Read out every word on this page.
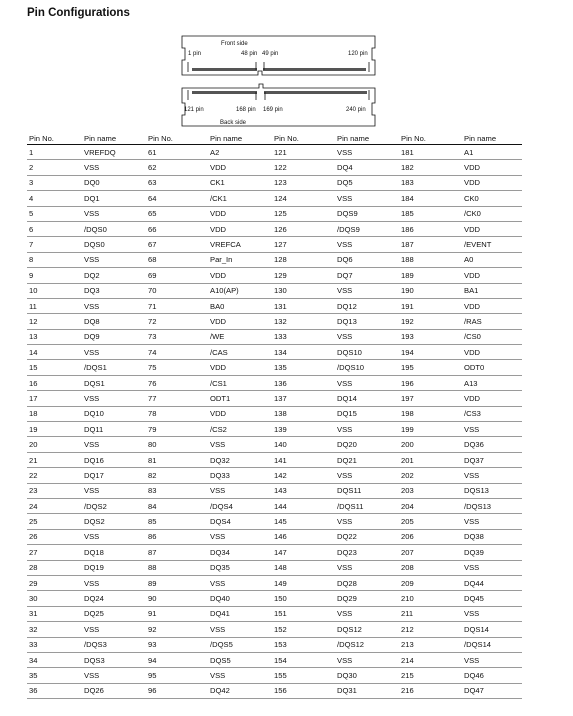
Pin Configurations
Front side
1 pin	48 pin 49 pin	120 pin
121 pin	168 pin 169 pin	240 pin
Back side
Pin No.	Pin name	Pin No.	Pin name	Pin No.	Pin name	Pin No.	Pin name
1	VREFDQ	61	A2	121	VSS	181	A1
2	VSS	62	VDD	122	DQ4	182	VDD
3	DQ0	63	CK1	123	DQ5	183	VDD
4	DQ1	64	/CK1	124	VSS	184	CK0
5	VSS	65	VDD	125	DQS9	185	/CK0
6	/DQS0	66	VDD	126	/DQS9	186	VDD
7	DQS0	67	VREFCA	127	VSS	187	/EVENT
8	VSS	68	Par_In	128	DQ6	188	A0
9	DQ2	69	VDD	129	DQ7	189	VDD
10	DQ3	70	A10(AP)	130	VSS	190	BA1
11	VSS	71	BA0	131	DQ12	191	VDD
12	DQ8	72	VDD	132	DQ13	192	/RAS
13	DQ9	73	/WE	133	VSS	193	/CS0
14	VSS	74	/CAS	134	DQS10	194	VDD
15	/DQS1	75	VDD	135	/DQS10	195	ODT0
16	DQS1	76	/CS1	136	VSS	196	A13
17	VSS	77	ODT1	137	DQ14	197	VDD
18	DQ10	78	VDD	138	DQ15	198	/CS3
19	DQ11	79	/CS2	139	VSS	199	VSS
20	VSS	80	VSS	140	DQ20	200	DQ36
21	DQ16	81	DQ32	141	DQ21	201	DQ37
22	DQ17	82	DQ33	142	VSS	202	VSS
23	VSS	83	VSS	143	DQS11	203	DQS13
24	/DQS2	84	/DQS4	144	/DQS11	204	/DQS13
25	DQS2	85	DQS4	145	VSS	205	VSS
26	VSS	86	VSS	146	DQ22	206	DQ38
27	DQ18	87	DQ34	147	DQ23	207	DQ39
28	DQ19	88	DQ35	148	VSS	208	VSS
29	VSS	89	VSS	149	DQ28	209	DQ44
30	DQ24	90	DQ40	150	DQ29	210	DQ45
31	DQ25	91	DQ41	151	VSS	211	VSS
32	VSS	92	VSS	152	DQS12	212	DQS14
33	/DQS3	93	/DQS5	153	/DQS12	213	/DQS14
34	DQS3	94	DQS5	154	VSS	214	VSS
35	VSS	95	VSS	155	DQ30	215	DQ46
36	DQ26	96	DQ42	156	DQ31	216	DQ47
